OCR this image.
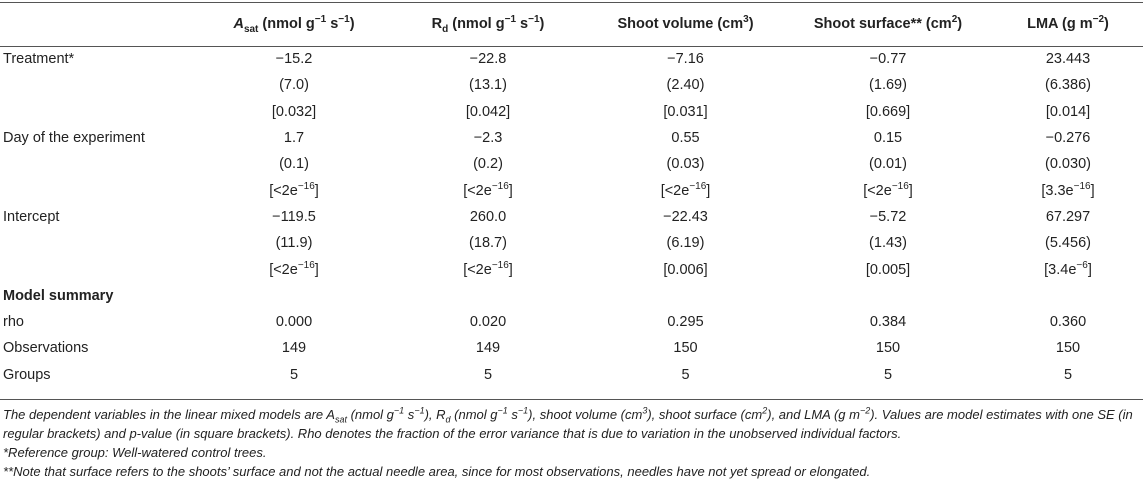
	$A_{sat}$ (nmol $g^{-1}$ $s^{-1}$)	$R_d$ (nmol $g^{-1}$ $s^{-1}$)	Shoot volume $(cm^3)$	Shoot surface** $(cm^2)$	LMA (g $m^{-2}$)
Treatment*	−15.2	−22.8	−7.16	−0.77	23.443
	(7.0)	(13.1)	(2.40)	(1.69)	(6.386)
	[0.032]	[0.042]	[0.031]	[0.669]	[0.014]
Day of the experiment	1.7	−2.3	0.55	0.15	−0.276
	(0.1)	(0.2)	(0.03)	(0.01)	(0.030)
	$[<2e^{-16}]$	$[<2e^{-16}]$	$[<2e^{-16}]$	$[<2e^{-16}]$	$[3.3e^{-16}]$
Intercept	−119.5	260.0	−22.43	−5.72	67.297
	(11.9)	(18.7)	(6.19)	(1.43)	(5.456)
	$[<2e^{-16}]$	$[<2e^{-16}]$	[0.006]	[0.005]	$[3.4e^{-6}]$
Model summary					
rho	0.000	0.020	0.295	0.384	0.360
Observations	149	149	150	150	150
Groups	5	5	5	5	5

The dependent variables in the linear mixed models are $A_{sat}$ (nmol $g^{-1}$ $s^{-1}$), $R_d$ (nmol $g^{-1}$ $s^{-1}$), shoot volume $(cm^3)$, shoot surface $(cm^2)$, and LMA (g $m^{-2}$). Values are model estimates with one SE (in regular brackets) and p-value (in square brackets). Rho denotes the fraction of the error variance that is due to variation in the unobserved individual factors.

*Reference group: Well-watered control trees.

**Note that surface refers to the shoots’ surface and not the actual needle area, since for most observations, needles have not yet spread or elongated.
